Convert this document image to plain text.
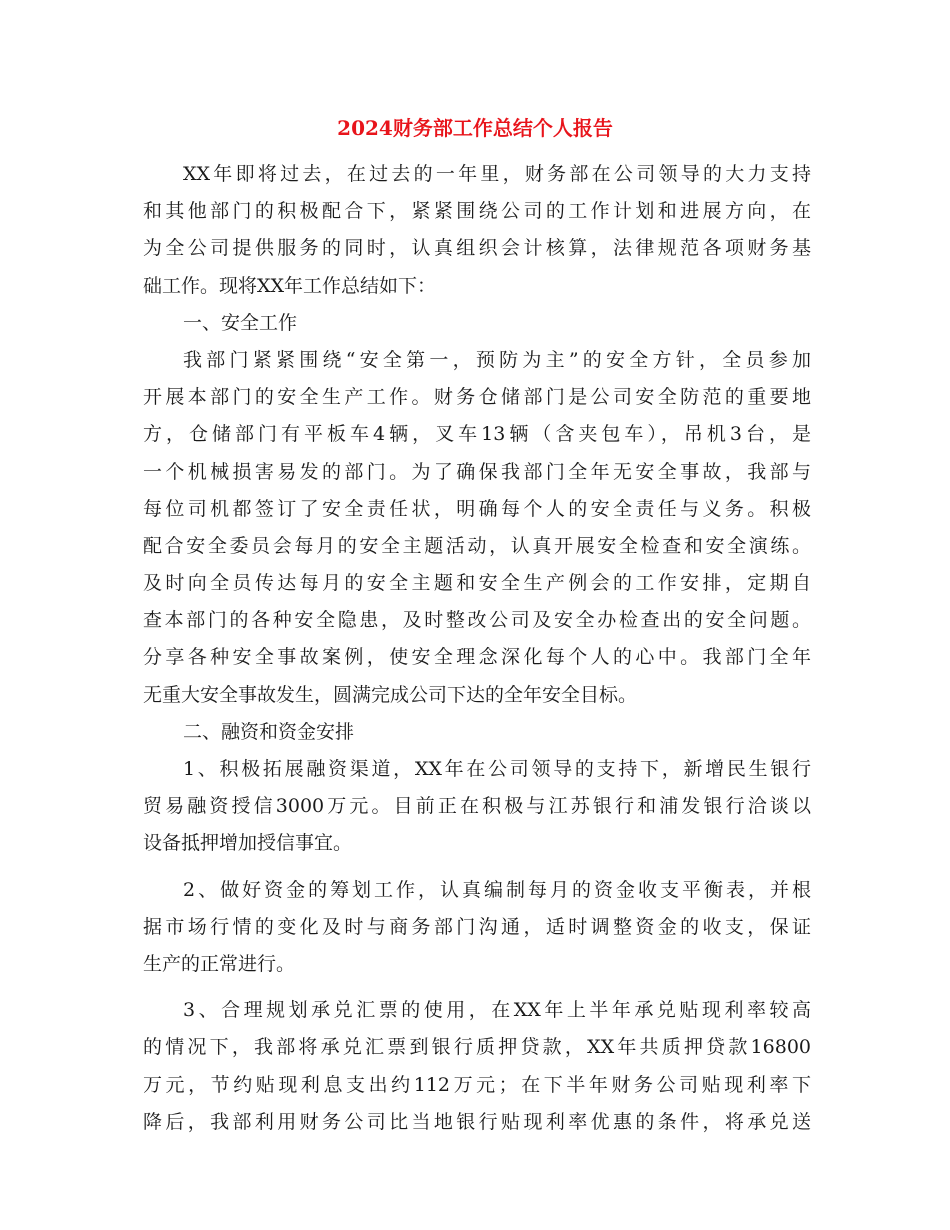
2024财务部工作总结个人报告
XX年即将过去，在过去的一年里，财务部在公司领导的大力支持
和其他部门的积极配合下，紧紧围绕公司的工作计划和进展方向，在
为全公司提供服务的同时，认真组织会计核算，法律规范各项财务基
础工作。现将XX年工作总结如下：
一、安全工作
我部门紧紧围绕“安全第一，预防为主”的安全方针，全员参加
开展本部门的安全生产工作。财务仓储部门是公司安全防范的重要地
方，仓储部门有平板车4辆，叉车13辆（含夹包车），吊机3台，是
一个机械损害易发的部门。为了确保我部门全年无安全事故，我部与
每位司机都签订了安全责任状，明确每个人的安全责任与义务。积极
配合安全委员会每月的安全主题活动，认真开展安全检查和安全演练。
及时向全员传达每月的安全主题和安全生产例会的工作安排，定期自
查本部门的各种安全隐患，及时整改公司及安全办检查出的安全问题。
分享各种安全事故案例，使安全理念深化每个人的心中。我部门全年
无重大安全事故发生，圆满完成公司下达的全年安全目标。
二、融资和资金安排
1、积极拓展融资渠道，XX年在公司领导的支持下，新增民生银行
贸易融资授信3000万元。目前正在积极与江苏银行和浦发银行洽谈以
设备抵押增加授信事宜。
2、做好资金的筹划工作，认真编制每月的资金收支平衡表，并根
据市场行情的变化及时与商务部门沟通，适时调整资金的收支，保证
生产的正常进行。
3、合理规划承兑汇票的使用，在XX年上半年承兑贴现利率较高
的情况下，我部将承兑汇票到银行质押贷款，XX年共质押贷款16800
万元，节约贴现利息支出约112万元；在下半年财务公司贴现利率下
降后，我部利用财务公司比当地银行贴现利率优惠的条件，将承兑送
